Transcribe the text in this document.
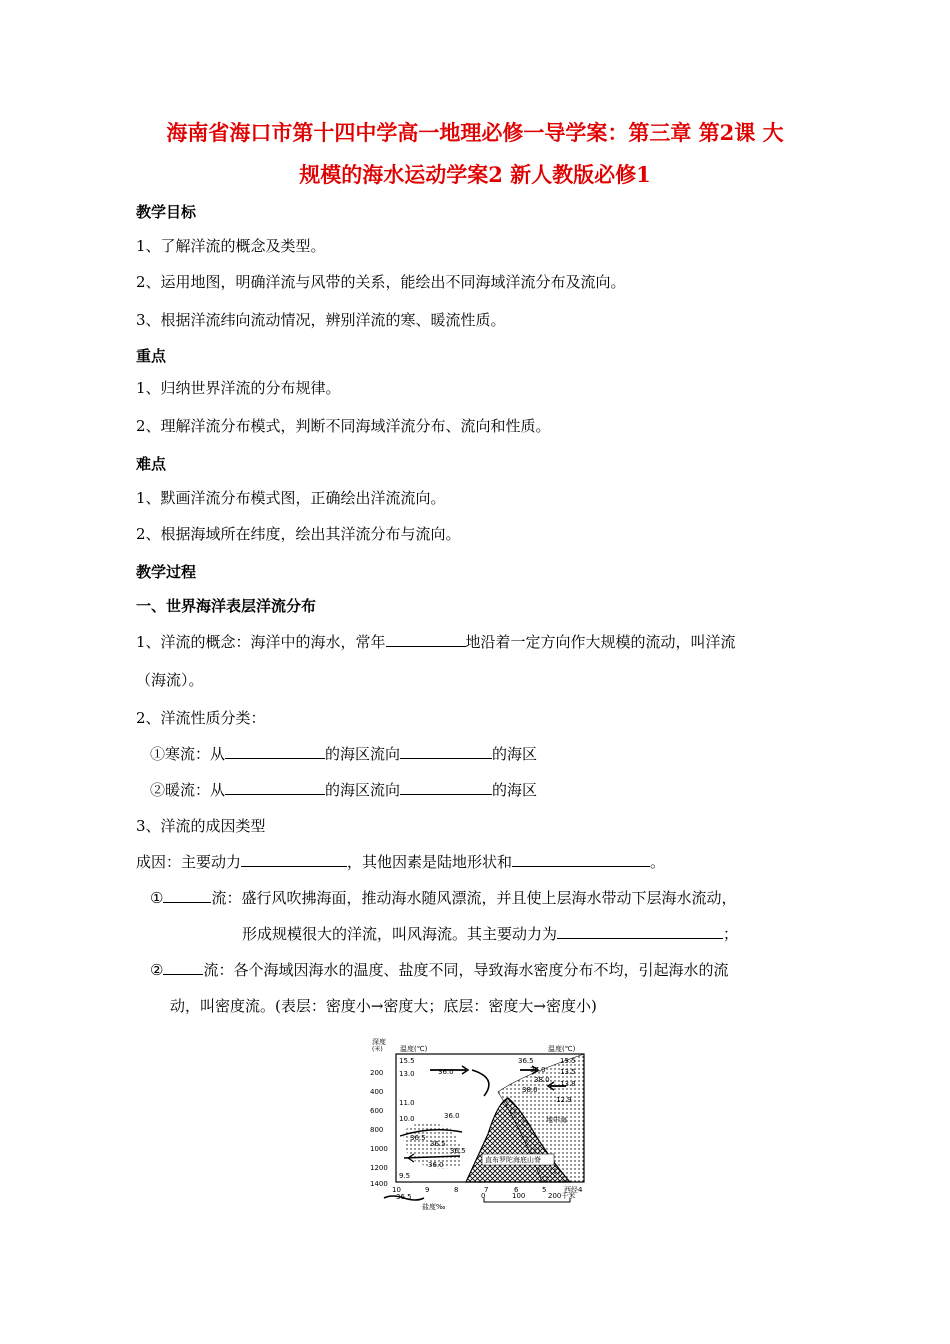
海南省海口市第十四中学高一地理必修一导学案：第三章 第2课 大
规模的海水运动学案2 新人教版必修1
教学目标
1、了解洋流的概念及类型。
2、运用地图，明确洋流与风带的关系，能绘出不同海域洋流分布及流向。
3、根据洋流纬向流动情况，辨别洋流的寒、暖流性质。
重点
1、归纳世界洋流的分布规律。
2、理解洋流分布模式，判断不同海域洋流分布、流向和性质。
难点
1、默画洋流分布模式图，正确绘出洋流流向。
2、根据海域所在纬度，绘出其洋流分布与流向。
教学过程
一、世界海洋表层洋流分布
1、洋流的概念：海洋中的海水，常年	地沿着一定方向作大规模的流动，叫洋流
（海流）。
2、洋流性质分类：
①寒流：从	的海区流向	的海区
②暖流：从	的海区流向	的海区
3、洋流的成因类型
成因：主要动力	，其他因素是陆地形状和	。
①	流：盛行风吹拂海面，推动海水随风漂流，并且使上层海水带动下层海水流动，
形成规模很大的洋流，叫风海流。其主要动力为	；
②	流：各个海域因海水的温度、盐度不同，导致海水密度分布不均，引起海水的流
动，叫密度流。(表层：密度小→密度大；底层：密度大→密度小)
深度
(米) 温度(℃)	温度(℃)
直布罗陀海底山脊
200
400
600
800
1000
1200
1400
15.5
13.0
11.0
10.0
9.5
15.5
13.5
13.8
12.9
36.0
36.0
36.5
36.5
36.5
36.0
36.5
37.0
38.0
38.0
地中海
10	9	8	7	6	5	西经4
36.5
盐度‰
0	100	200千米
